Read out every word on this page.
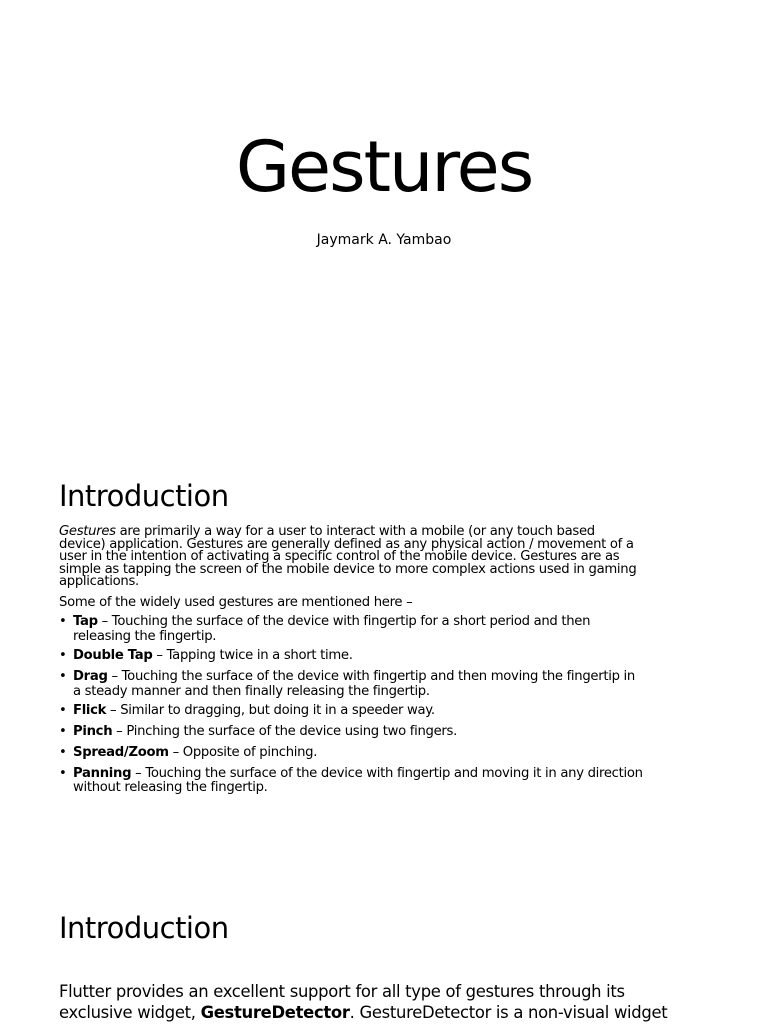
Gestures
Jaymark A. Yambao
Introduction

Gestures are primarily a way for a user to interact with a mobile (or any touch based
device) application. Gestures are generally defined as any physical action / movement of a
user in the intention of activating a specific control of the mobile device. Gestures are as
simple as tapping the screen of the mobile device to more complex actions used in gaming
applications.

Some of the widely used gestures are mentioned here –

• Tap – Touching the surface of the device with fingertip for a short period and then
releasing the fingertip.
• Double Tap – Tapping twice in a short time.
• Drag – Touching the surface of the device with fingertip and then moving the fingertip in
a steady manner and then finally releasing the fingertip.
• Flick – Similar to dragging, but doing it in a speeder way.
• Pinch – Pinching the surface of the device using two fingers.
• Spread/Zoom – Opposite of pinching.
• Panning – Touching the surface of the device with fingertip and moving it in any direction
without releasing the fingertip.
Introduction

Flutter provides an excellent support for all type of gestures through its
exclusive widget, GestureDetector. GestureDetector is a non-visual widget
